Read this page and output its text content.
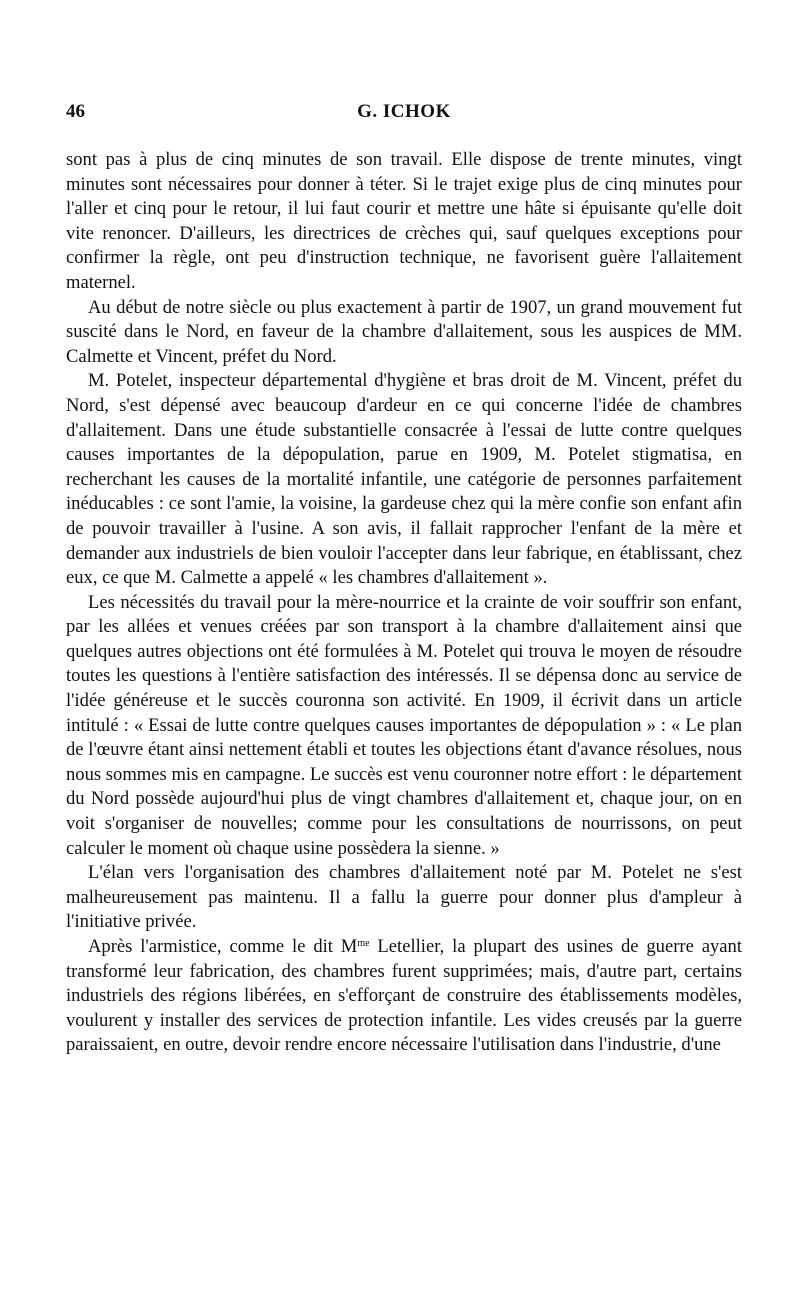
46	G. ICHOK

sont pas à plus de cinq minutes de son travail. Elle dispose de trente minutes, vingt minutes sont nécessaires pour donner à téter. Si le trajet exige plus de cinq minutes pour l'aller et cinq pour le retour, il lui faut courir et mettre une hâte si épuisante qu'elle doit vite renoncer. D'ailleurs, les directrices de crèches qui, sauf quelques exceptions pour confirmer la règle, ont peu d'instruction technique, ne favorisent guère l'allaitement maternel.

Au début de notre siècle ou plus exactement à partir de 1907, un grand mouvement fut suscité dans le Nord, en faveur de la chambre d'allaitement, sous les auspices de MM. Calmette et Vincent, préfet du Nord.

M. Potelet, inspecteur départemental d'hygiène et bras droit de M. Vincent, préfet du Nord, s'est dépensé avec beaucoup d'ardeur en ce qui concerne l'idée de chambres d'allaitement. Dans une étude substantielle consacrée à l'essai de lutte contre quelques causes importantes de la dépopulation, parue en 1909, M. Potelet stigmatisa, en recherchant les causes de la mortalité infantile, une catégorie de personnes parfaitement inéducables : ce sont l'amie, la voisine, la gardeuse chez qui la mère confie son enfant afin de pouvoir travailler à l'usine. A son avis, il fallait rapprocher l'enfant de la mère et demander aux industriels de bien vouloir l'accepter dans leur fabrique, en établissant, chez eux, ce que M. Calmette a appelé « les chambres d'allaitement ».

Les nécessités du travail pour la mère-nourrice et la crainte de voir souffrir son enfant, par les allées et venues créées par son transport à la chambre d'allaitement ainsi que quelques autres objections ont été formulées à M. Potelet qui trouva le moyen de résoudre toutes les questions à l'entière satisfaction des intéressés. Il se dépensa donc au service de l'idée généreuse et le succès couronna son activité. En 1909, il écrivit dans un article intitulé : « Essai de lutte contre quelques causes importantes de dépopulation » : « Le plan de l'œuvre étant ainsi nettement établi et toutes les objections étant d'avance résolues, nous nous sommes mis en campagne. Le succès est venu couronner notre effort : le département du Nord possède aujourd'hui plus de vingt chambres d'allaitement et, chaque jour, on en voit s'organiser de nouvelles; comme pour les consultations de nourrissons, on peut calculer le moment où chaque usine possèdera la sienne. »

L'élan vers l'organisation des chambres d'allaitement noté par M. Potelet ne s'est malheureusement pas maintenu. Il a fallu la guerre pour donner plus d'ampleur à l'initiative privée.

Après l'armistice, comme le dit $M^{me}$ Letellier, la plupart des usines de guerre ayant transformé leur fabrication, des chambres furent supprimées; mais, d'autre part, certains industriels des régions libérées, en s'efforçant de construire des établissements modèles, voulurent y installer des services de protection infantile. Les vides creusés par la guerre paraissaient, en outre, devoir rendre encore nécessaire l'utilisation dans l'industrie, d'une
